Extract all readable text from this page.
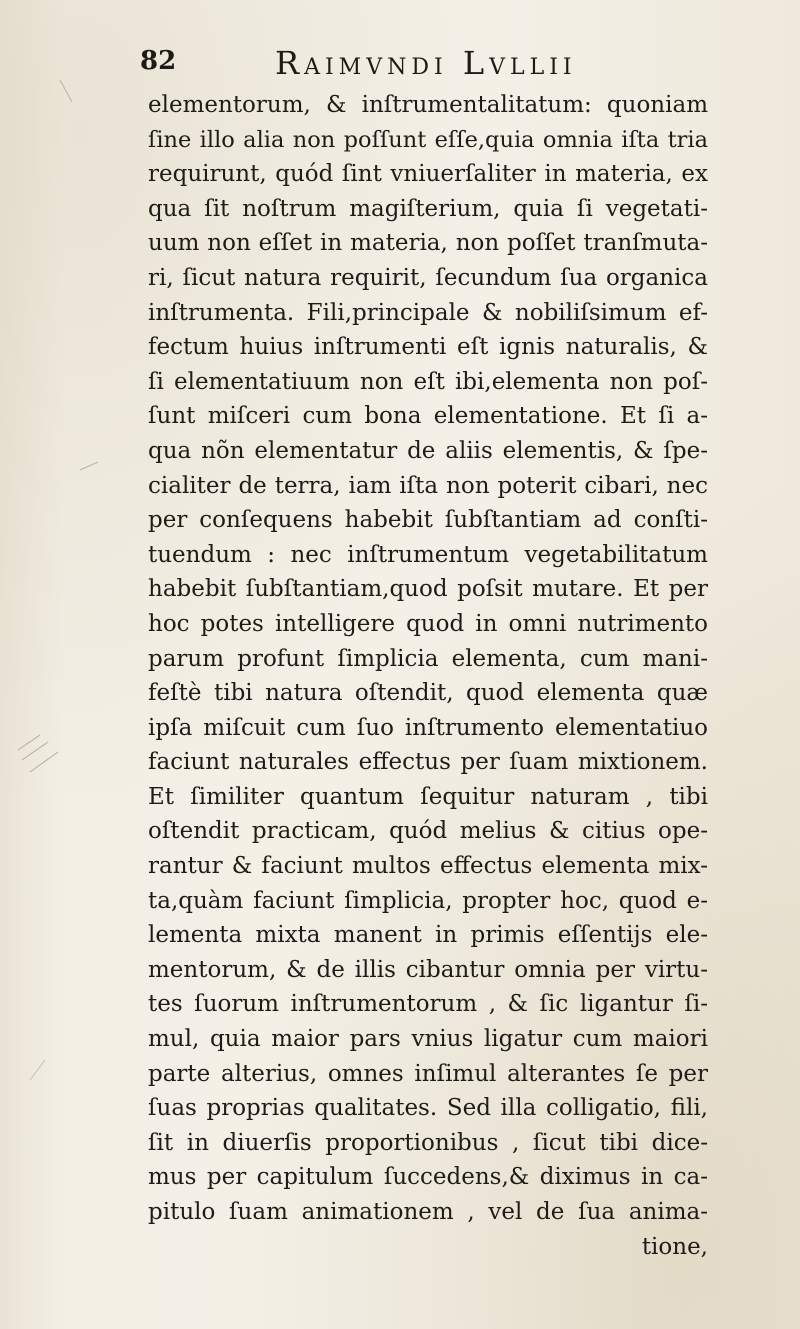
82	Raimvndi Lvllii
elementorum, & inſtrumentalitatum: quoniam
ſine illo alia non poſſunt eſſe,quia omnia iſta tria
requirunt, quód ſint vniuerſaliter in materia, ex
qua ſit noſtrum magiſterium, quia ſi vegetati-
uum non eſſet in materia, non poſſet tranſmuta-
ri, ſicut natura requirit, ſecundum ſua organica
inſtrumenta. Fili,principale & nobiliſsimum ef-
fectum huius inſtrumenti eſt ignis naturalis, &
ſi elementatiuum non eſt ibi,elementa non poſ-
ſunt miſceri cum bona elementatione. Et ſi a-
qua nõn elementatur de aliis elementis, & ſpe-
cialiter de terra, iam iſta non poterit cibari, nec
per conſequens habebit ſubſtantiam ad conſti-
tuendum : nec inſtrumentum vegetabilitatum
habebit ſubſtantiam,quod poſsit mutare. Et per
hoc potes intelligere quod in omni nutrimento
parum profunt ſimplicia elementa, cum mani-
feſtè tibi natura oſtendit, quod elementa quæ
ipſa miſcuit cum ſuo inſtrumento elementatiuo
faciunt naturales effectus per ſuam mixtionem.
Et ſimiliter quantum ſequitur naturam , tibi
oſtendit practicam, quód melius & citius ope-
rantur & faciunt multos effectus elementa mix-
ta,quàm faciunt ſimplicia, propter hoc, quod e-
lementa mixta manent in primis eſſentijs ele-
mentorum, & de illis cibantur omnia per virtu-
tes ſuorum inſtrumentorum , & ſic ligantur ſi-
mul, quia maior pars vnius ligatur cum maiori
parte alterius, omnes inſimul alterantes ſe per
ſuas proprias qualitates. Sed illa colligatio, fili,
ſit in diuerſis proportionibus , ſicut tibi dice-
mus per capitulum ſuccedens,& diximus in ca-
pitulo ſuam animationem , vel de ſua anima-
tione,
